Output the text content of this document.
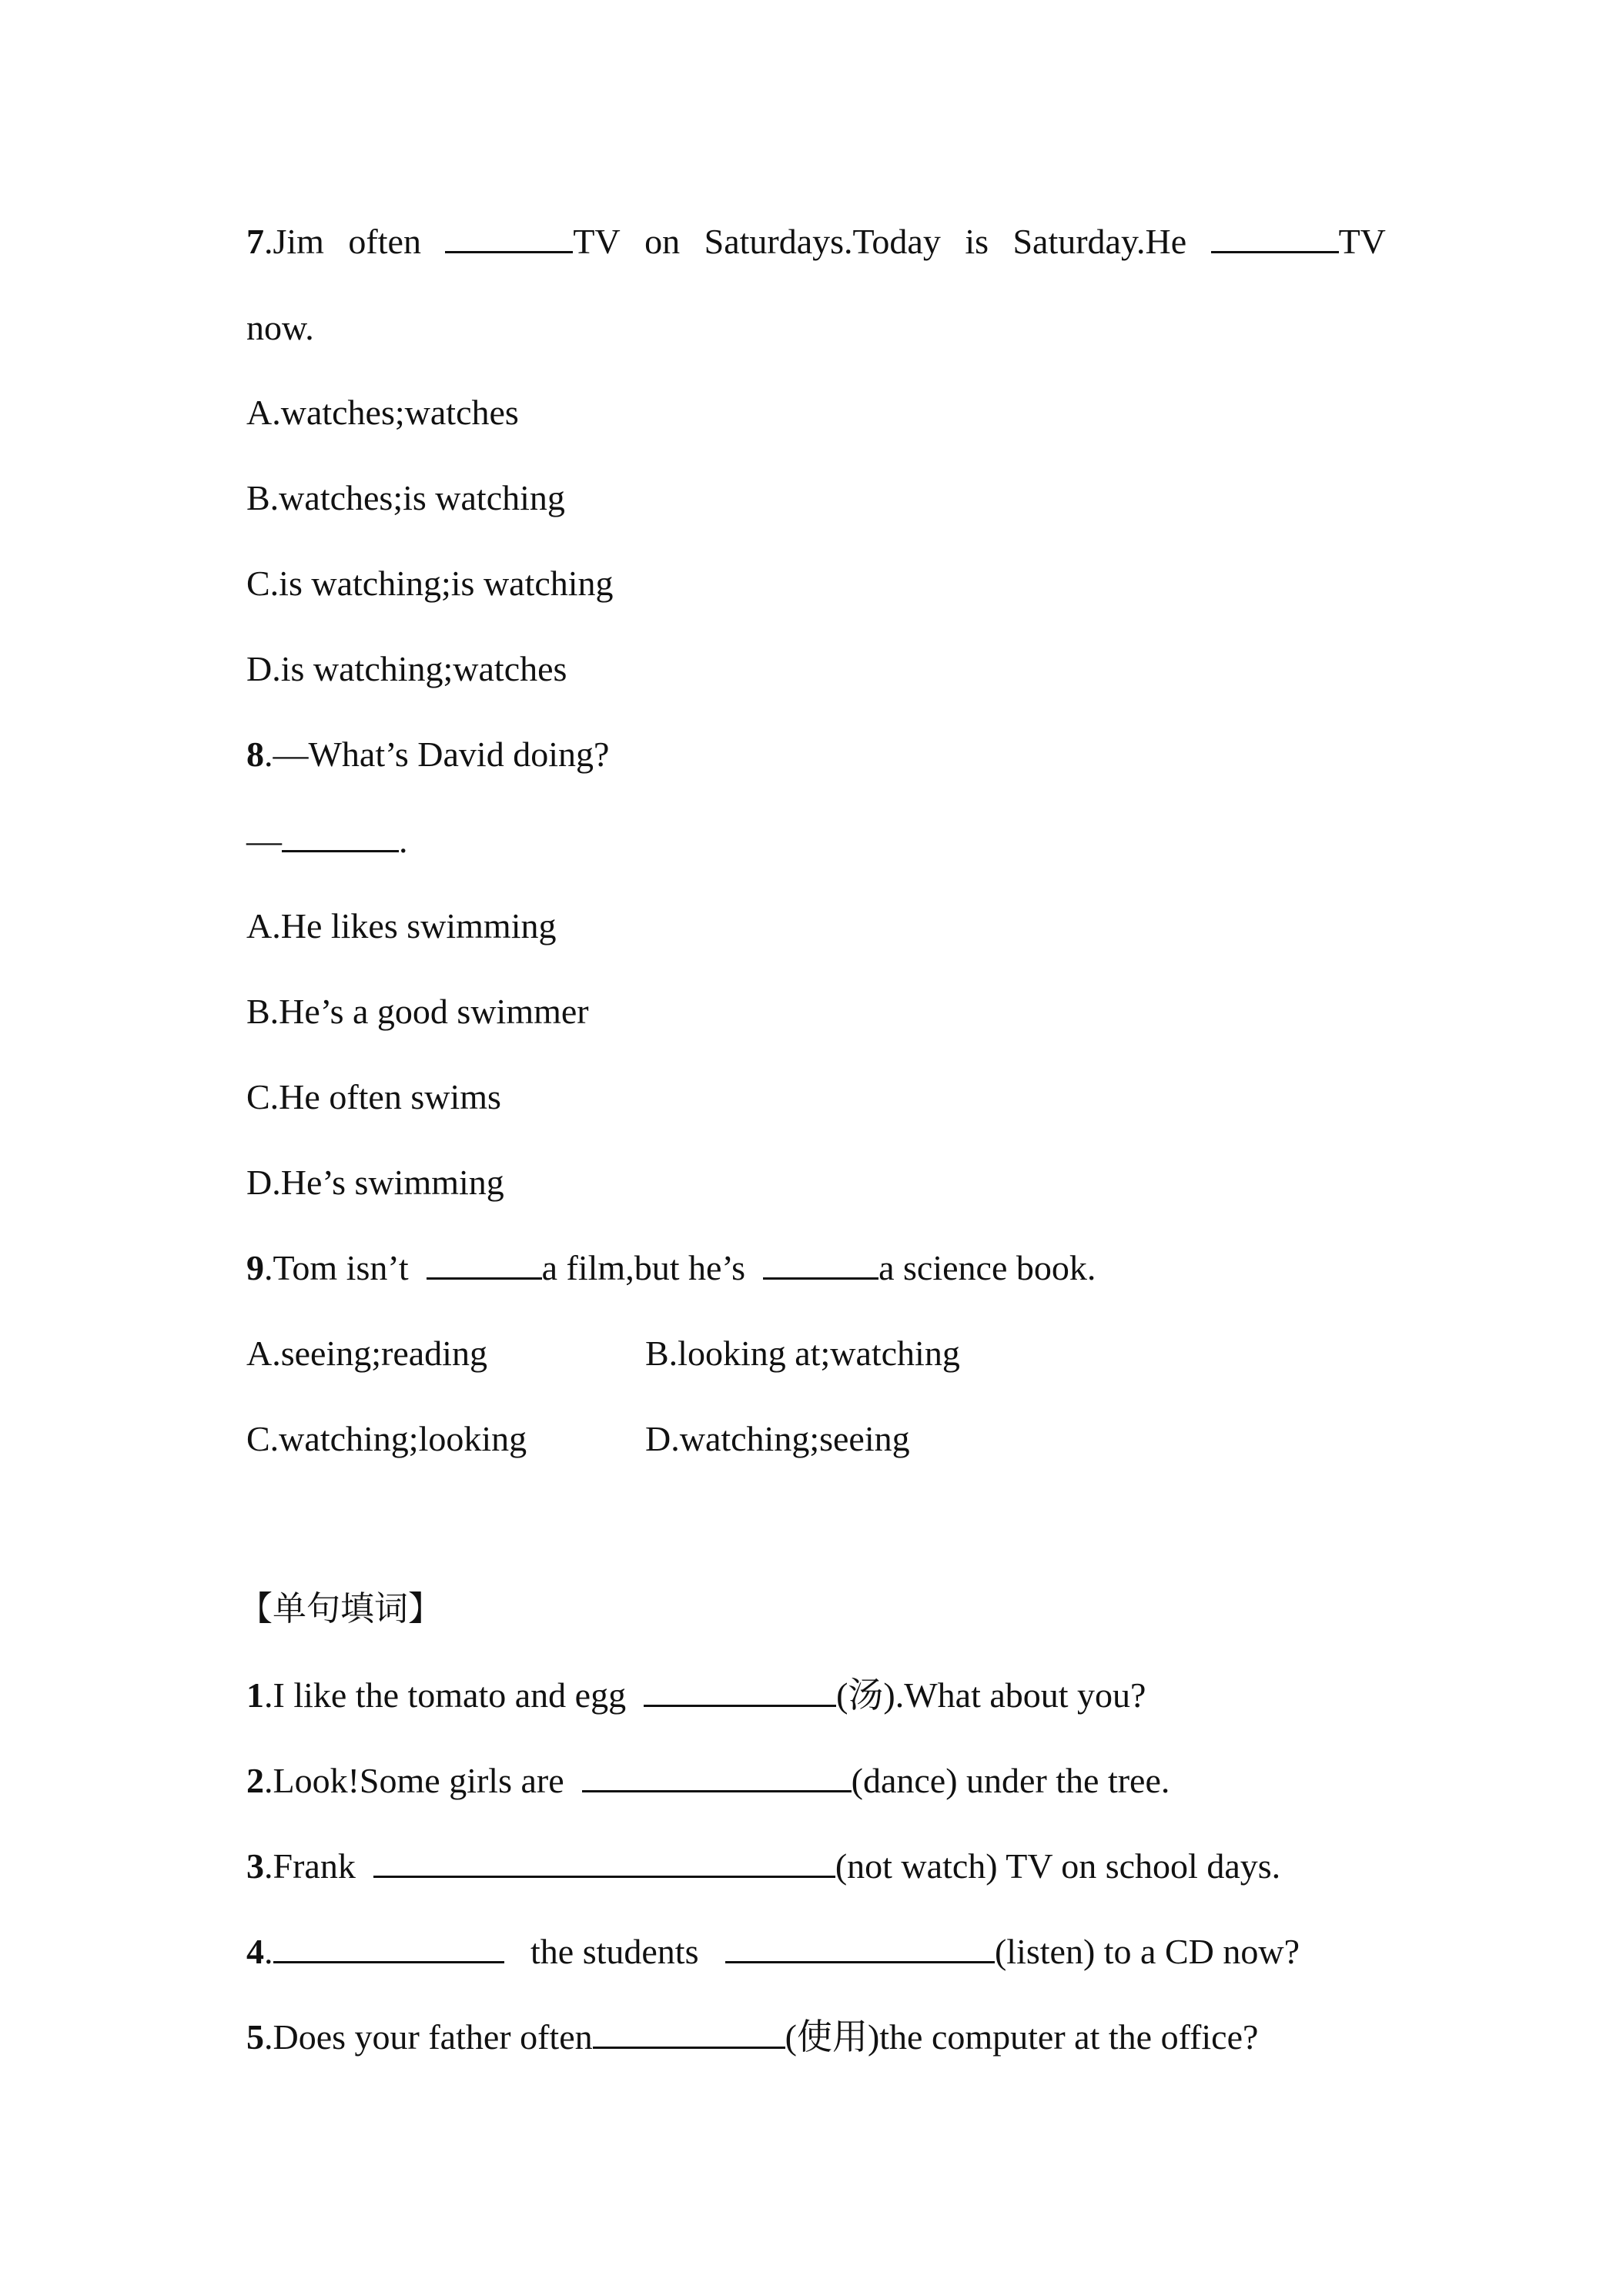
7.Jim often	TV on Saturdays.Today is Saturday.He	TV
now.
A.watches;watches
B.watches;is watching
C.is watching;is watching
D.is watching;watches
8.—What’s David doing?
—	.
A.He likes swimming
B.He’s a good swimmer
C.He often swims
D.He’s swimming
9.Tom isn’t	a film,but he’s	a science book.
A.seeing;reading	B.looking at;watching
C.watching;looking	D.watching;seeing
【单句填词】
1.I like the tomato and egg	(汤).What about you?
2.Look!Some girls are	(dance) under the tree.
3.Frank	(not watch) TV on school days.
4.	the students	(listen) to a CD now?
5.Does your father often	(使用)the computer at the office?
